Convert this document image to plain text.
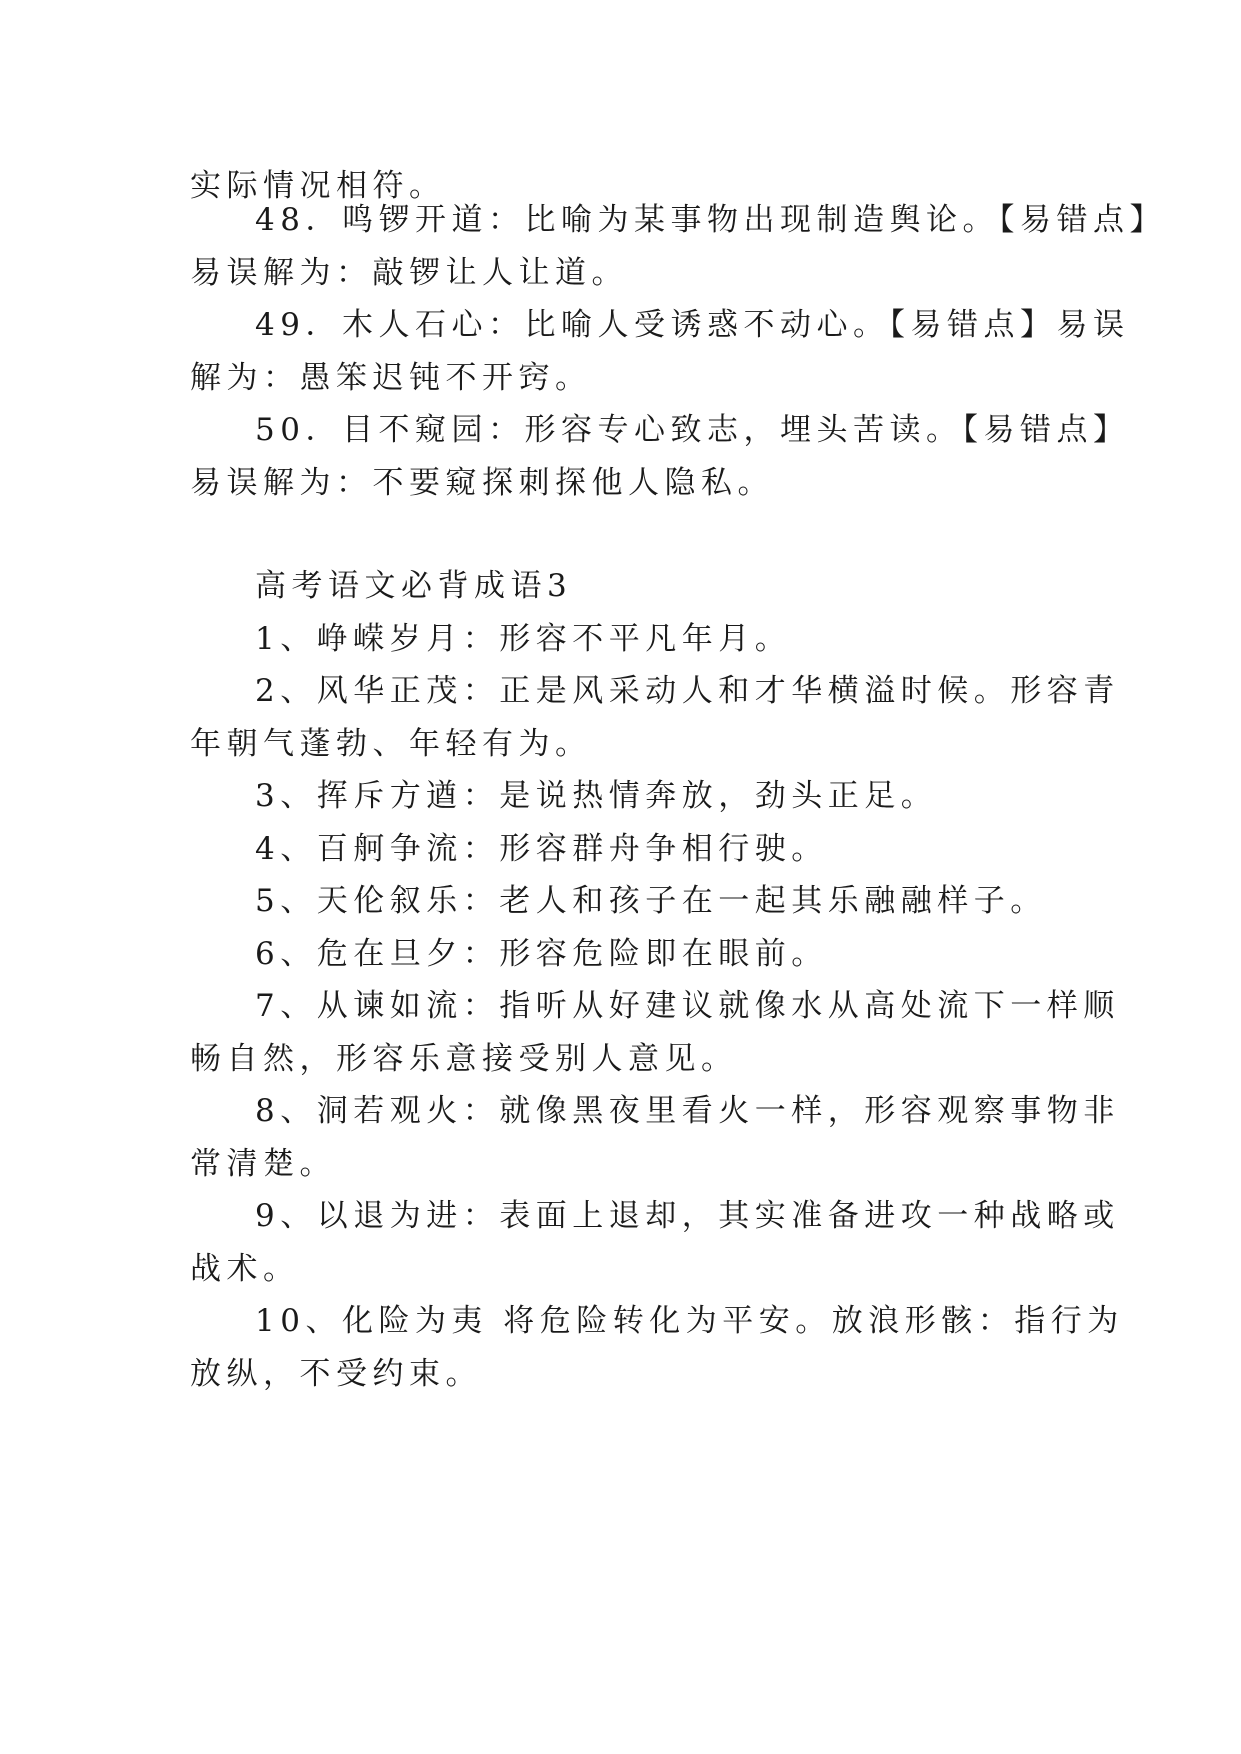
实际情况相符。
48．鸣锣开道：比喻为某事物出现制造舆论。【易错点】
易误解为：敲锣让人让道。
49．木人石心：比喻人受诱惑不动心。【易错点】易误
解为：愚笨迟钝不开窍。
50．目不窥园：形容专心致志，埋头苦读。【易错点】
易误解为：不要窥探刺探他人隐私。
高考语文必背成语3
1、峥嵘岁月：形容不平凡年月。
2、风华正茂：正是风采动人和才华横溢时候。形容青
年朝气蓬勃、年轻有为。
3、挥斥方遒：是说热情奔放，劲头正足。
4、百舸争流：形容群舟争相行驶。
5、天伦叙乐：老人和孩子在一起其乐融融样子。
6、危在旦夕：形容危险即在眼前。
7、从谏如流：指听从好建议就像水从高处流下一样顺
畅自然，形容乐意接受别人意见。
8、洞若观火：就像黑夜里看火一样，形容观察事物非
常清楚。
9、以退为进：表面上退却，其实准备进攻一种战略或
战术。
10、化险为夷 将危险转化为平安。放浪形骸：指行为
放纵，不受约束。
